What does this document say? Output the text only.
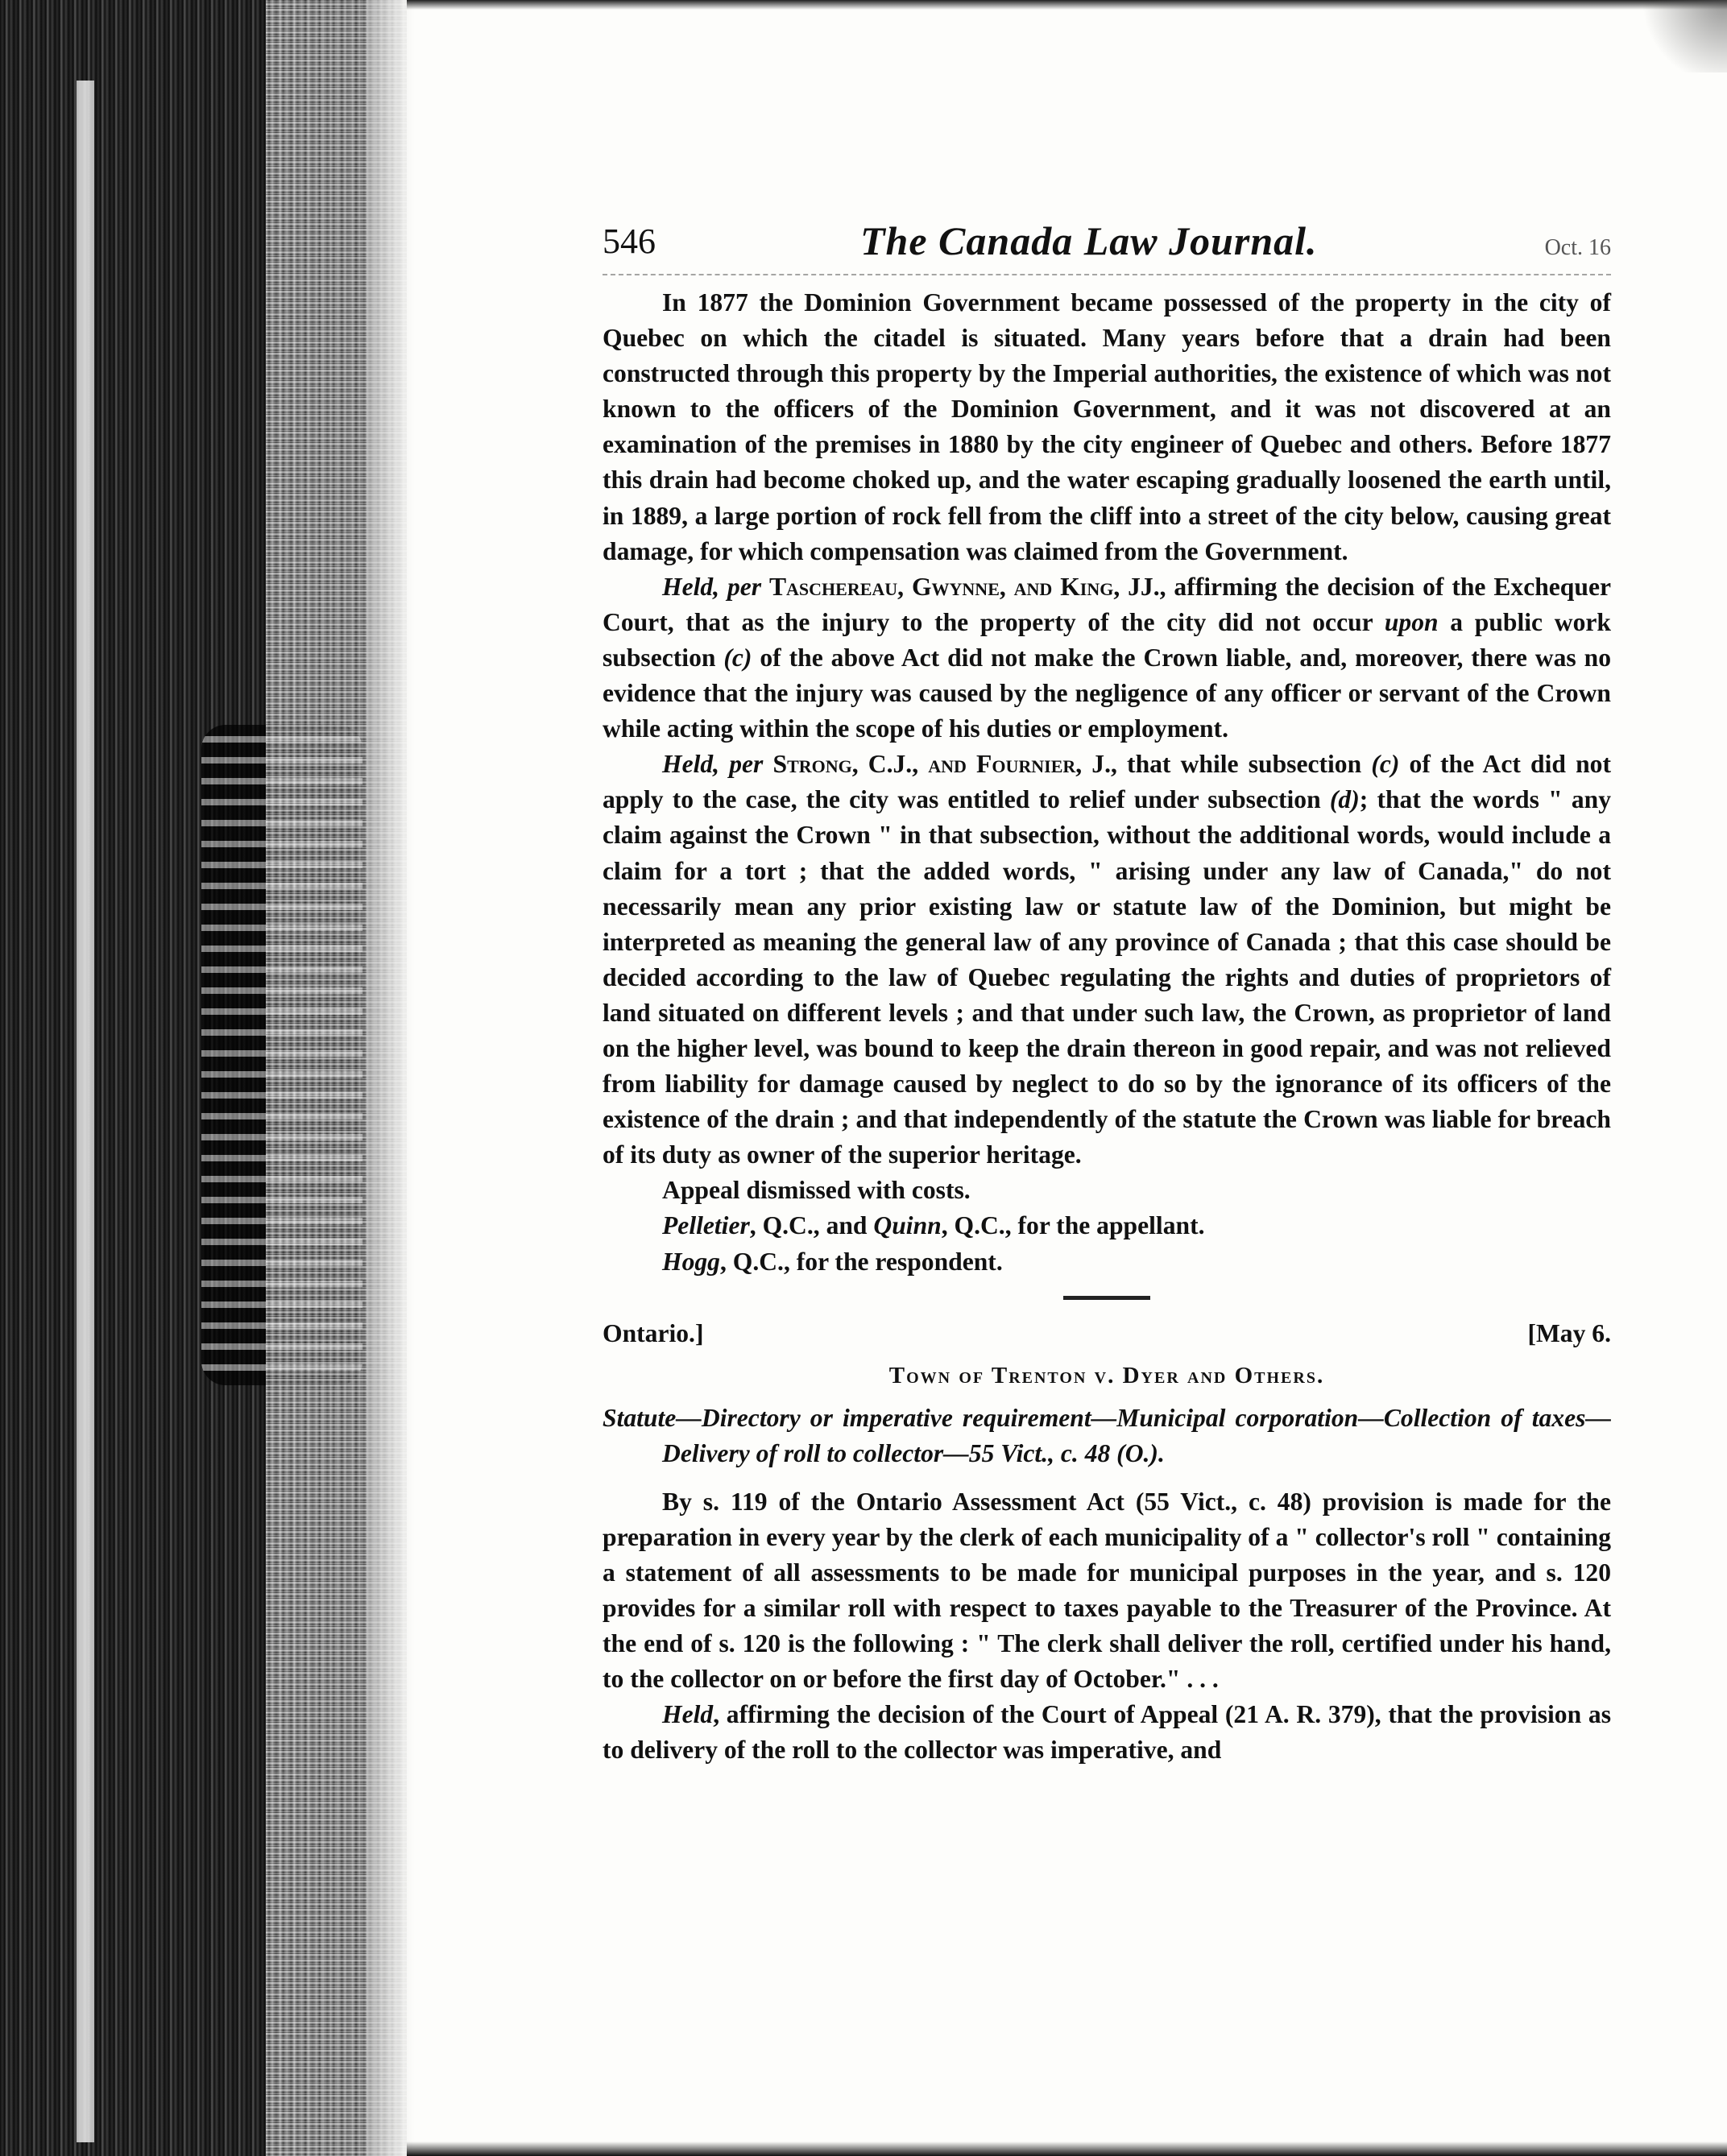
546	The Canada Law Journal.	Oct. 16

In 1877 the Dominion Government became possessed of the property in the city of Quebec on which the citadel is situated. Many years before that a drain had been constructed through this property by the Imperial authorities, the existence of which was not known to the officers of the Dominion Government, and it was not discovered at an examination of the premises in 1880 by the city engineer of Quebec and others. Before 1877 this drain had become choked up, and the water escaping gradually loosened the earth until, in 1889, a large portion of rock fell from the cliff into a street of the city below, causing great damage, for which compensation was claimed from the Government.

Held, per Taschereau, Gwynne, and King, JJ., affirming the decision of the Exchequer Court, that as the injury to the property of the city did not occur upon a public work subsection (c) of the above Act did not make the Crown liable, and, moreover, there was no evidence that the injury was caused by the negligence of any officer or servant of the Crown while acting within the scope of his duties or employment.

Held, per Strong, C.J., and Fournier, J., that while subsection (c) of the Act did not apply to the case, the city was entitled to relief under subsection (d); that the words " any claim against the Crown " in that subsection, without the additional words, would include a claim for a tort ; that the added words, " arising under any law of Canada," do not necessarily mean any prior existing law or statute law of the Dominion, but might be interpreted as meaning the general law of any province of Canada ; that this case should be decided according to the law of Quebec regulating the rights and duties of proprietors of land situated on different levels ; and that under such law, the Crown, as proprietor of land on the higher level, was bound to keep the drain thereon in good repair, and was not relieved from liability for damage caused by neglect to do so by the ignorance of its officers of the existence of the drain ; and that independently of the statute the Crown was liable for breach of its duty as owner of the superior heritage.

Appeal dismissed with costs.

Pelletier, Q.C., and Quinn, Q.C., for the appellant.

Hogg, Q.C., for the respondent.

Ontario.]	[May 6.
Town of Trenton v. Dyer and Others.
Statute—Directory or imperative requirement—Municipal corporation—Collection of taxes—Delivery of roll to collector—55 Vict., c. 48 (O.).

By s. 119 of the Ontario Assessment Act (55 Vict., c. 48) provision is made for the preparation in every year by the clerk of each municipality of a " collector's roll " containing a statement of all assessments to be made for municipal purposes in the year, and s. 120 provides for a similar roll with respect to taxes payable to the Treasurer of the Province. At the end of s. 120 is the following : " The clerk shall deliver the roll, certified under his hand, to the collector on or before the first day of October." . . .

Held, affirming the decision of the Court of Appeal (21 A. R. 379), that the provision as to delivery of the roll to the collector was imperative, and
